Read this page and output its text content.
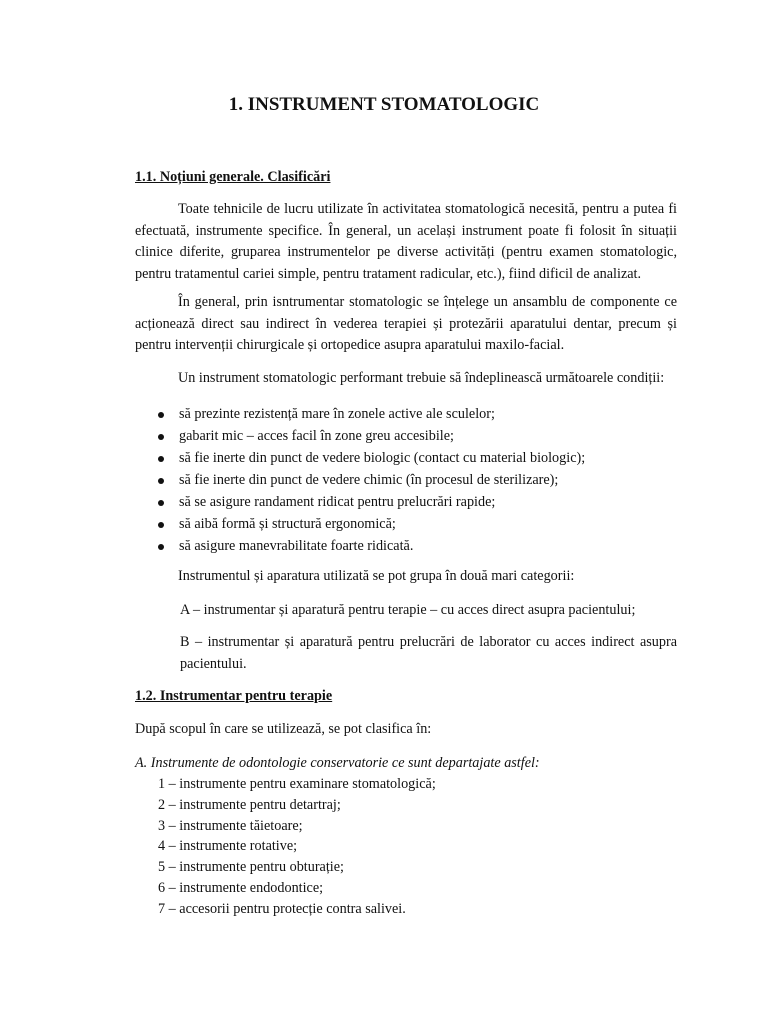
1. INSTRUMENT STOMATOLOGIC
1.1. Noțiuni generale. Clasificări

Toate tehnicile de lucru utilizate în activitatea stomatologică necesită, pentru a putea fi efectuată, instrumente specifice. În general, un același instrument poate fi folosit în situații clinice diferite, gruparea instrumentelor pe diverse activități (pentru examen stomatologic, pentru tratamentul cariei simple, pentru tratament radicular, etc.), fiind dificil de analizat.

În general, prin isntrumentar stomatologic se înțelege un ansamblu de componente ce acționează direct sau indirect în vederea terapiei și protezării aparatului dentar, precum și pentru intervenții chirurgicale și ortopedice asupra aparatului maxilo-facial.

Un instrument stomatologic performant trebuie să îndeplinească următoarele condiții:

să prezinte rezistență mare în zonele active ale sculelor;
gabarit mic – acces facil în zone greu accesibile;
să fie inerte din punct de vedere biologic (contact cu material biologic);
să fie inerte din punct de vedere chimic (în procesul de sterilizare);
să se asigure randament ridicat pentru prelucrări rapide;
să aibă formă și structură ergonomică;
să asigure manevrabilitate foarte ridicată.

Instrumentul și aparatura utilizată se pot grupa în două mari categorii:

A – instrumentar și aparatură pentru terapie – cu acces direct asupra pacientului;

B – instrumentar și aparatură pentru prelucrări de laborator cu acces indirect asupra pacientului.

1.2. Instrumentar pentru terapie

După scopul în care se utilizează, se pot clasifica în:

A. Instrumente de odontologie conservatorie ce sunt departajate astfel:
1 – instrumente pentru examinare stomatologică;
2 – instrumente pentru detartraj;
3 – instrumente tăietoare;
4 – instrumente rotative;
5 – instrumente pentru obturație;
6 – instrumente endodontice;
7 – accesorii pentru protecție contra salivei.
